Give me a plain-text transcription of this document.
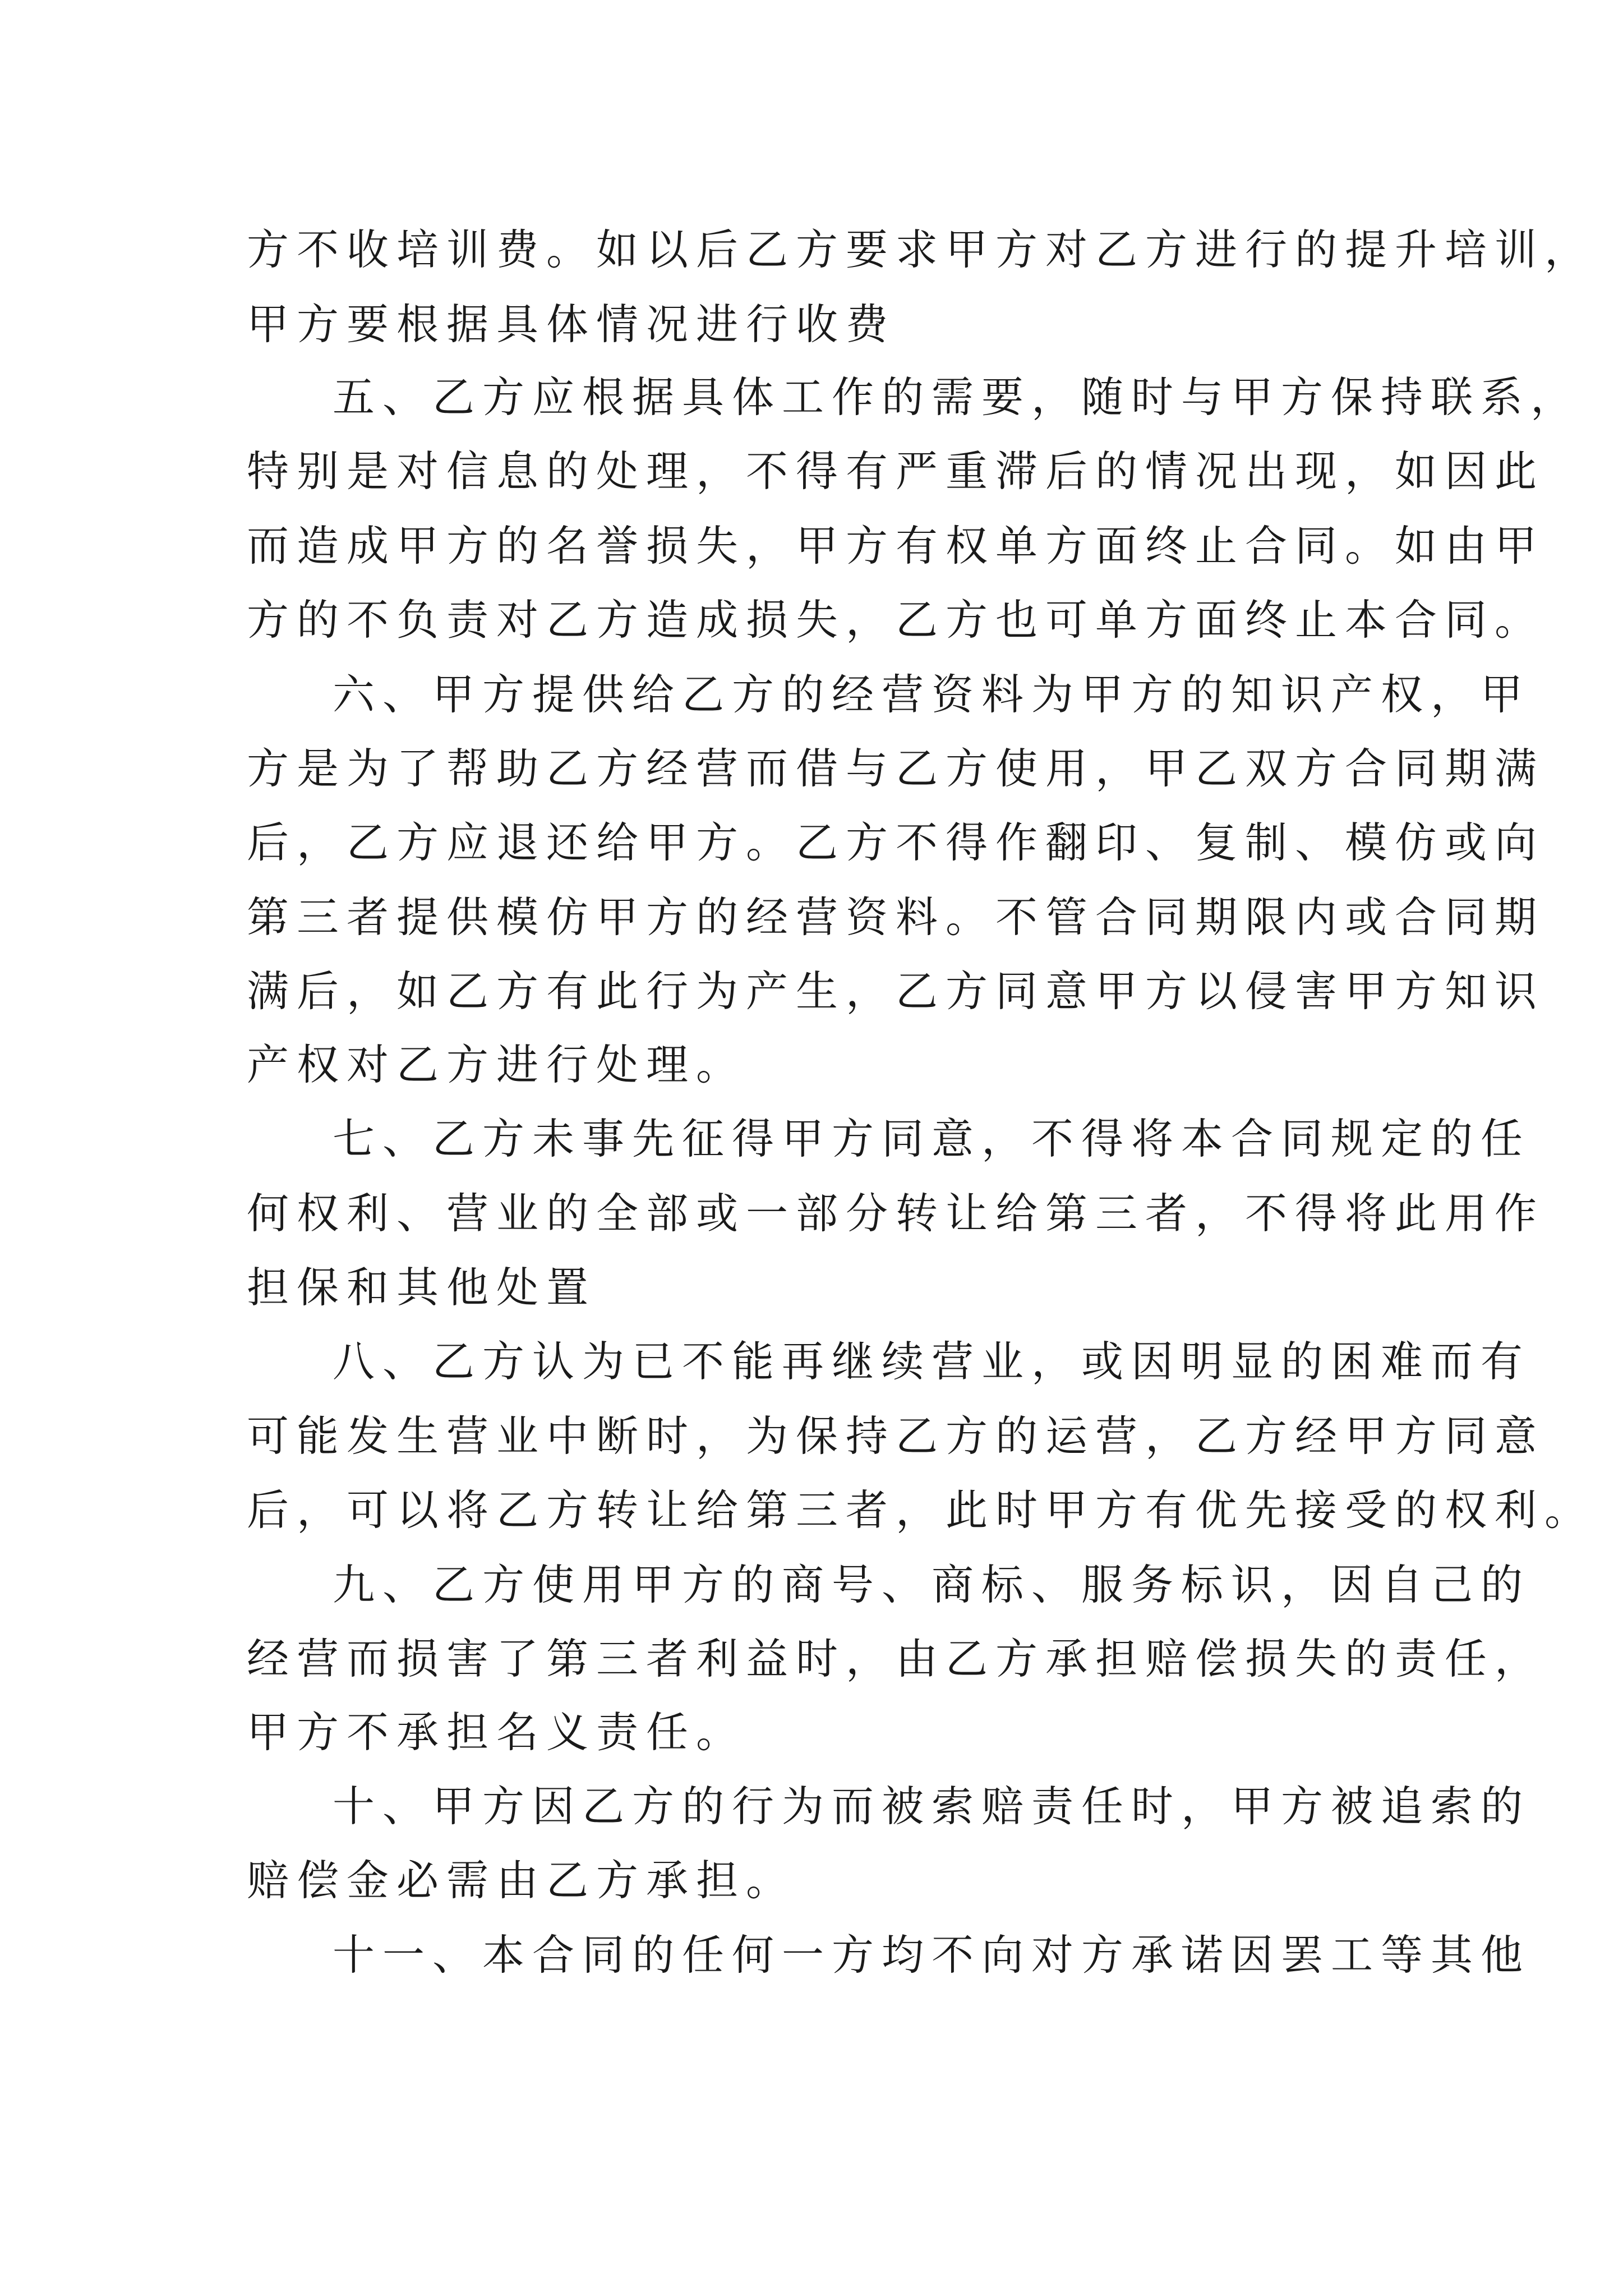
方不收培训费。如以后乙方要求甲方对乙方进行的提升培训，

甲方要根据具体情况进行收费

五、乙方应根据具体工作的需要，随时与甲方保持联系，

特别是对信息的处理，不得有严重滞后的情况出现，如因此

而造成甲方的名誉损失，甲方有权单方面终止合同。如由甲

方的不负责对乙方造成损失，乙方也可单方面终止本合同。

六、甲方提供给乙方的经营资料为甲方的知识产权，甲

方是为了帮助乙方经营而借与乙方使用，甲乙双方合同期满

后，乙方应退还给甲方。乙方不得作翻印、复制、模仿或向

第三者提供模仿甲方的经营资料。不管合同期限内或合同期

满后，如乙方有此行为产生，乙方同意甲方以侵害甲方知识

产权对乙方进行处理。

七、乙方未事先征得甲方同意，不得将本合同规定的任

何权利、营业的全部或一部分转让给第三者，不得将此用作

担保和其他处置

八、乙方认为已不能再继续营业，或因明显的困难而有

可能发生营业中断时，为保持乙方的运营，乙方经甲方同意

后，可以将乙方转让给第三者，此时甲方有优先接受的权利。

九、乙方使用甲方的商号、商标、服务标识，因自己的

经营而损害了第三者利益时，由乙方承担赔偿损失的责任，

甲方不承担名义责任。

十、甲方因乙方的行为而被索赔责任时，甲方被追索的

赔偿金必需由乙方承担。

十一、本合同的任何一方均不向对方承诺因罢工等其他
